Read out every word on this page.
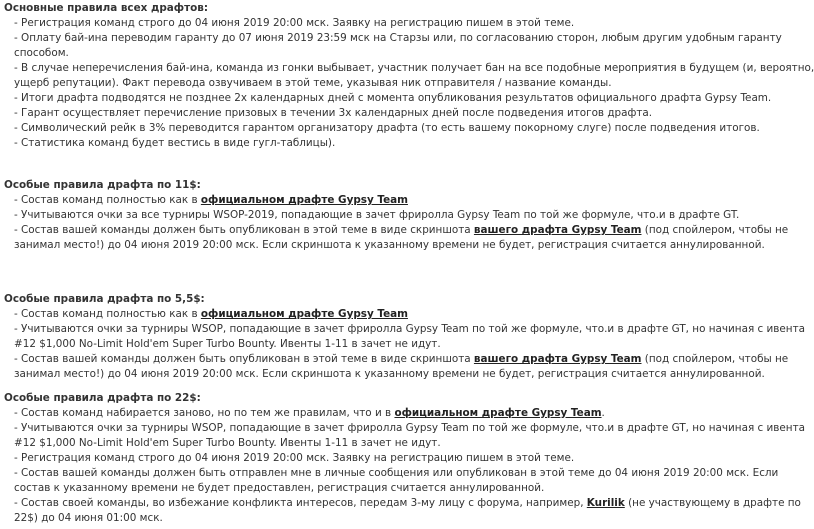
Основные правила всех драфтов:
- Регистрация команд строго до 04 июня 2019 20:00 мск. Заявку на регистрацию пишем в этой теме.
- Оплату бай-ина переводим гаранту до 07 июня 2019 23:59 мск на Старзы или, по согласованию сторон, любым другим удобным гаранту
способом.
- В случае неперечисления бай-ина, команда из гонки выбывает, участник получает бан на все подобные мероприятия в будущем (и, вероятно,
ущерб репутации). Факт перевода озвучиваем в этой теме, указывая ник отправителя / название команды.
- Итоги драфта подводятся не позднее 2х календарных дней с момента опубликования результатов официального драфта Gypsy Team.
- Гарант осуществляет перечисление призовых в течении 3х календарных дней после подведения итогов драфта.
- Символический рейк в 3% переводится гарантом организатору драфта (то есть вашему покорному слуге) после подведения итогов.
- Статистика команд будет вестись в виде гугл-таблицы).
Особые правила драфта по 11$:
- Состав команд полностью как в официальном драфте Gypsy Team
- Учитываются очки за все турниры WSOP-2019, попадающие в зачет фриролла Gypsy Team по той же формуле, что.и в драфте GT.
- Состав вашей команды должен быть опубликован в этой теме в виде скриншота вашего драфта Gypsy Team (под спойлером, чтобы не
занимал место!) до 04 июня 2019 20:00 мск. Если скриншота к указанному времени не будет, регистрация считается аннулированной.
Особые правила драфта по 5,5$:
- Состав команд полностью как в официальном драфте Gypsy Team
- Учитываются очки за турниры WSOP, попадающие в зачет фриролла Gypsy Team по той же формуле, что.и в драфте GT, но начиная с ивента
#12 $1,000 No-Limit Hold'em Super Turbo Bounty. Ивенты 1-11 в зачет не идут.
- Состав вашей команды должен быть опубликован в этой теме в виде скриншота вашего драфта Gypsy Team (под спойлером, чтобы не
занимал место!) до 04 июня 2019 20:00 мск. Если скриншота к указанному времени не будет, регистрация считается аннулированной.
Особые правила драфта по 22$:
- Состав команд набирается заново, но по тем же правилам, что и в официальном драфте Gypsy Team.
- Учитываются очки за турниры WSOP, попадающие в зачет фриролла Gypsy Team по той же формуле, что.и в драфте GT, но начиная с ивента
#12 $1,000 No-Limit Hold'em Super Turbo Bounty. Ивенты 1-11 в зачет не идут.
- Регистрация команд строго до 04 июня 2019 20:00 мск. Заявку на регистрацию пишем в этой теме.
- Состав вашей команды должен быть отправлен мне в личные сообщения или опубликован в этой теме до 04 июня 2019 20:00 мск. Если
состав к указанному времени не будет предоставлен, регистрация считается аннулированной.
- Состав своей команды, во избежание конфликта интересов, передам 3-му лицу с форума, например, Kurilik (не участвующему в драфте по
22$) до 04 июня 01:00 мск.
